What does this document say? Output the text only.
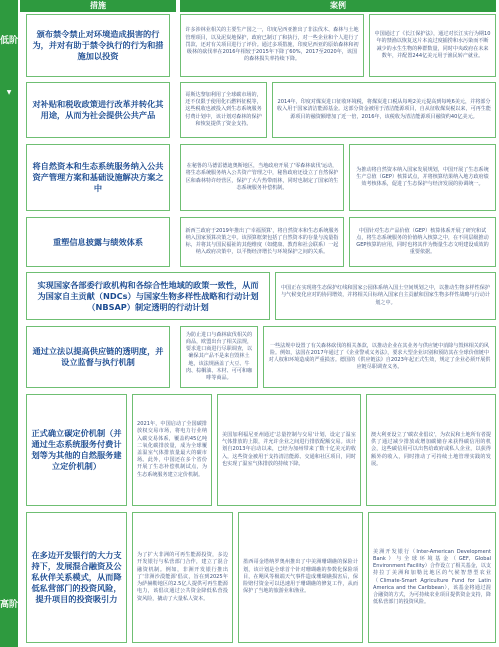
低阶
▼
高阶
措施	案例
颁布禁令禁止对环境造成损害的行为，并对有助于禁令执行的行为和措施加以投资
许多涉林业相关的主要生产国之一，印度尼西亚推出了非法伐木、森林与土地管理项目，以及泥炭地保护，政府已制订了和执行，对一些企业和个人进行了罚款，还对有关项目进行了评价。通过多项措施，印度尼西亚的原始森林和初级林的砍伐率在2016年相较于2015年下降了60%，2017至2020年，该国的森林损失率持续下降。
中国通过了《长江保护法》，通过对长江实行为期10年的禁渔以恢复这片本流过度捕捞和水污染而不断减少的水生生物的种群数量，同时中央政府在未来数年，并配置244亿美元用于渔民转产就业。
对补贴和税收政策进行改革并转化其用途，从而为社会提供公共产品
哥斯达黎加利用了全球碳市场的，还不仅限于使用化石燃料征税等，这些税收也被投入到生态系统服务付费计划中，该计划对森林的保护和恢复提供了资金支持。
2014年，印度对煤炭进口征收环境税，将煤炭进口税从每吨2美元提高到每吨6美元，并将部分收入用于国家清洁能源基金。这部分资金被用于清洁能源项目，自从征收煤炭税以来，可再生能源项目的融资额增加了近一倍，2016年，该税收为清洁能源项目融资约40亿美元。
将自然资本和生态系统服务纳入公共资产管理方案和基础设施解决方案之中
在秘鲁的马德雷德迪奥斯地区，当地政府开展了'零森林砍伐'运动，将生态系统服务纳入公共资产管理之中，秘鲁政府还设立了自然保护区和森林特许经营区，保护了大片热带雨林，同时也制定了国家的生态系统服务补偿机制。
为推动将自然资本纳入国家发展规划，中国开展了生态系统生产总值（GEP）核算试点，并将核算结果纳入地方政府绩效考核体系，促进了生态保护与经济发展的协调统一。
重塑信息披露与绩效体系
新西兰政府于2019年推出了'幸福预算'，将自然资本和生态系统服务纳入国家预算决策之中。该预算框架包括了自然资本的存量与流量指标，并将其与国民福祉的其他维度（如健康、教育和社会联系）一起纳入政府决策中，以平衡经济增长与环境保护之间的关系。
中国针对生态产品价值（GEP）核算体系开展了研究和试点，将生态系统服务的价值纳入核算之中，在不同层级推动GEP核算的应用，同时也将其作为衡量生态文明建设成效的重要依据。
实现国家各部委行政机构和各综合性地域的政策一致性，从而为国家自主贡献（NDCs）与国家生物多样性战略和行动计划（NBSAP）制定透明的行动计划
中国正在实现将生态保护红线和国家公园体系纳入国土空间规划之中，以推动生物多样性保护与气候变化应对的协同增效，并将相关目标纳入国家自主贡献和国家生物多样性战略与行动计划之中。
通过立法以提高供应链的透明度，并设立监督与执行机制
为防止进口与森林砍伐相关的商品，欧盟出台了相关法规，要求进口商进行尽职调查，以确保其产品不是来自毁林土地，该法规涵盖了大豆、牛肉、棕榈油、木材、可可和咖啡等商品。
一些法规中设置了有关森林砍伐的相关条款，以推动企业在其业务与供应链中消除与毁林相关的风险。例如，法国在2017年通过了《企业警戒义务法》，要求大型企业识别和预防其在全球价值链中对人权和环境造成的严重损害。德国的《供应链法》自2023年起正式生效，规定了企业必须开展供应链尽职调查义务。
正式确立碳定价机制（并通过生态系统服务付费计划等为其他的自然服务建立定价机制）
2021年，中国启动了全国碳排放权交易市场，将电力行业纳入碳交易体系，覆盖约45亿吨二氧化碳排放量，成为全球覆盖温室气体排放量最大的碳市场。此外，中国还在多个省份开展了生态补偿机制试点，为生态系统服务建立定价机制。
美国加利福尼亚州通过'总量控制与交易'计划，设定了温室气体排放的上限，并允许企业之间进行排放配额交易。该计划自2013年启动以来，已经为加州带来了数十亿美元的收入，这些资金被用于支持清洁能源、交通和社区项目，同时也实现了温室气体排放的持续下降。
澳大利亚设立了'碳农业倡议'，为农民和土地所有者提供了通过减少排放或增加碳储存来获得碳信用的机会，这些碳信用可以出售给政府或私人企业，以获得额外的收入，同时推动了可持续土地管理实践的发展。
在多边开发银行的大力支持下，发展混合融资及公私伙伴关系模式，从而降低私营部门的投资风险，提升项目的投资吸引力
为了扩大非洲的可再生能源投资，多边开发银行与私营部门合作，建立了混合融资机制。例如，非洲开发银行推出了'非洲沙漠能源'倡议，旨在到2025年为萨赫勒地区的2.5亿人提供可再生能源电力，该倡议通过公共资金降低私营投资风险，撬动了大量私人资本。
墨西哥金塔纳罗奥州推出了中美洲珊瑚礁的保险计划，该计划是全球首个针对珊瑚礁的参数化保险项目，在飓风等极端天气事件造成珊瑚礁损害后，保险赔付资金可以迅速用于珊瑚礁的修复工作，从而保护了当地的旅游业和渔业。
美洲开发银行（Inter-American Development Bank）与全球环境基金（GEF, Global Environment Facility）合作设立了相关基金，以支持拉丁美洲和加勒比地区的气候智慧型农业（Climate-Smart Agriculture Fund for Latin America and the Caribbean），该基金将通过混合融资的方式，为可持续农业项目提供资金支持，降低私营部门的投资风险。
